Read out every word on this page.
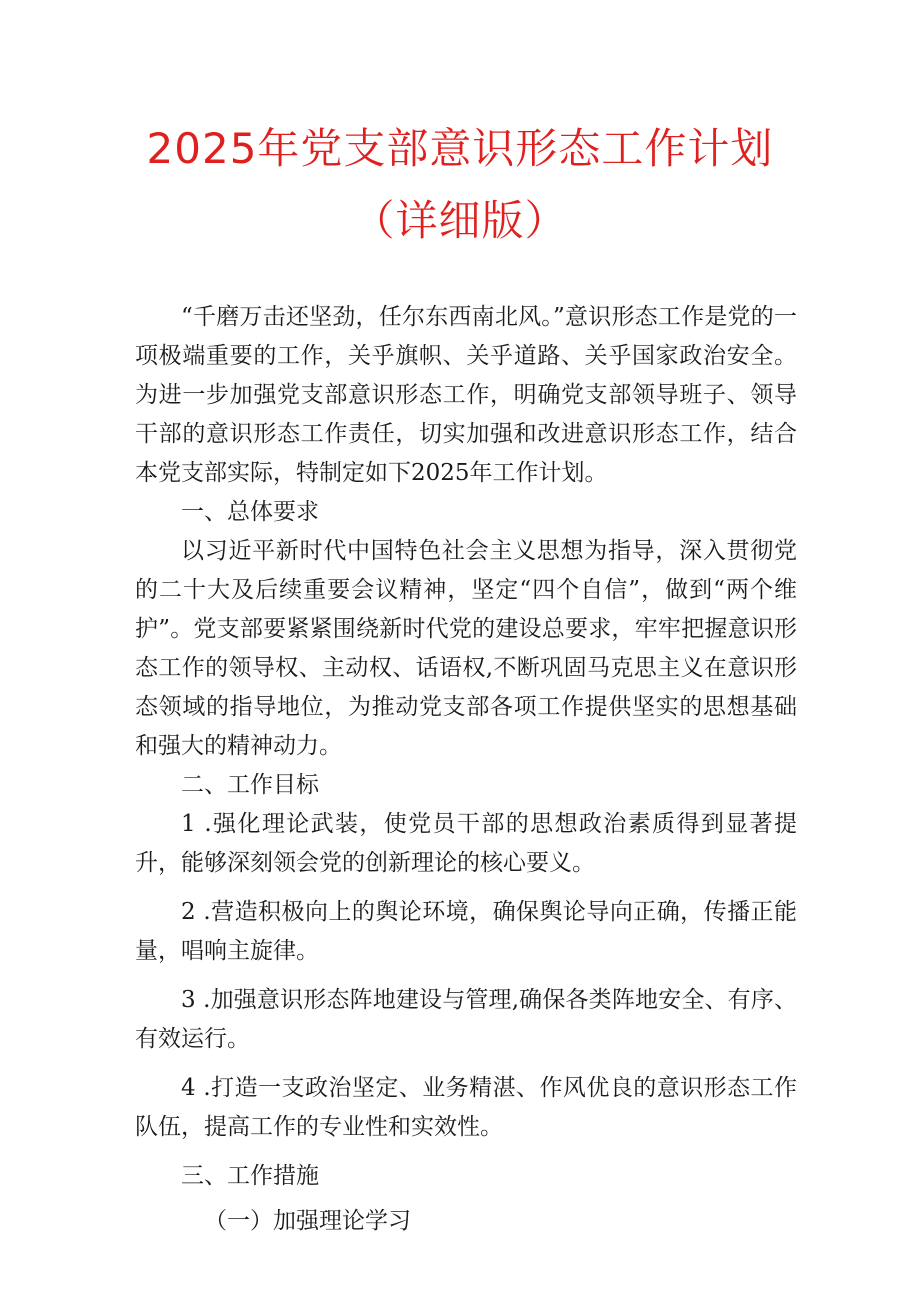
2025年党支部意识形态工作计划
（详细版）

“千磨万击还坚劲，任尔东西南北风。”意识形态工作是党的一项极端重要的工作，关乎旗帜、关乎道路、关乎国家政治安全。为进一步加强党支部意识形态工作，明确党支部领导班子、领导干部的意识形态工作责任，切实加强和改进意识形态工作，结合本党支部实际，特制定如下2025年工作计划。

一、总体要求

以习近平新时代中国特色社会主义思想为指导，深入贯彻党的二十大及后续重要会议精神，坚定“四个自信”，做到“两个维护”。党支部要紧紧围绕新时代党的建设总要求，牢牢把握意识形态工作的领导权、主动权、话语权,不断巩固马克思主义在意识形态领域的指导地位，为推动党支部各项工作提供坚实的思想基础和强大的精神动力。

二、工作目标

1 .强化理论武装，使党员干部的思想政治素质得到显著提升，能够深刻领会党的创新理论的核心要义。

2 .营造积极向上的舆论环境，确保舆论导向正确，传播正能量，唱响主旋律。

3 .加强意识形态阵地建设与管理,确保各类阵地安全、有序、有效运行。

4 .打造一支政治坚定、业务精湛、作风优良的意识形态工作队伍，提高工作的专业性和实效性。

三、工作措施

（一）加强理论学习
